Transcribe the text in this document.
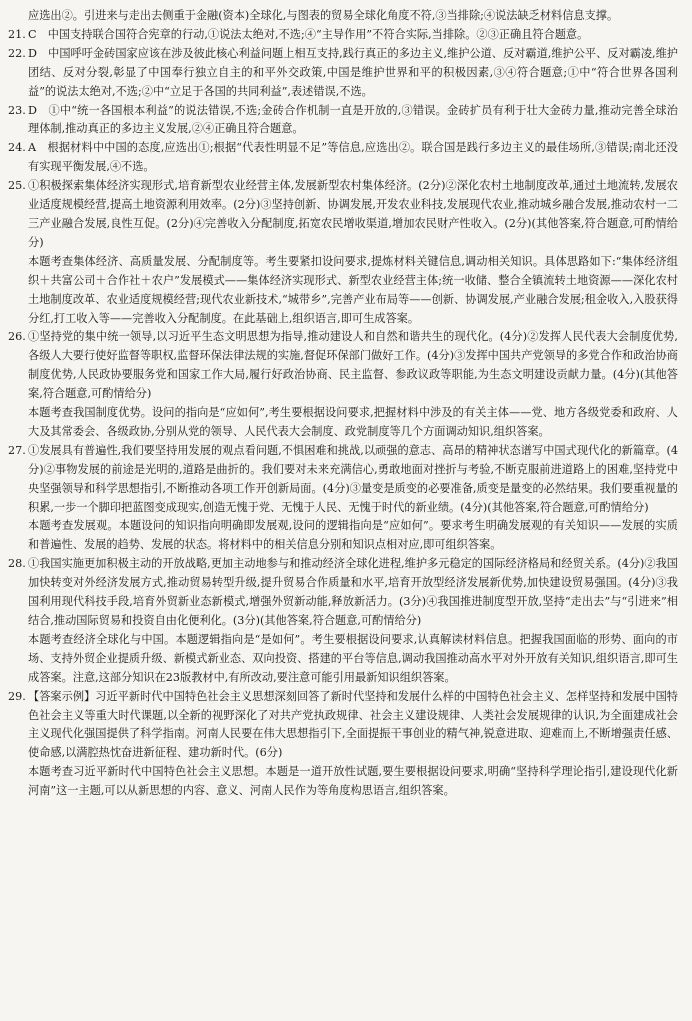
应选出②。引进来与走出去侧重于金融(资本)全球化,与图表的贸易全球化角度不符,③当排除;④说法缺乏材料信息支撑。

21. C　中国支持联合国符合宪章的行动,①说法太绝对,不选;④“主导作用”不符合实际,当排除。②③正确且符合题意。

22. D　中国呼吁金砖国家应该在涉及彼此核心利益问题上相互支持,践行真正的多边主义,维护公道、反对霸道,维护公平、反对霸凌,维护团结、反对分裂,彰显了中国奉行独立自主的和平外交政策,中国是维护世界和平的积极因素,③④符合题意;①中“符合世界各国利益”的说法太绝对,不选;②中“立足于各国的共同利益”,表述错误,不选。

23. D　①中“统一各国根本利益”的说法错误,不选;金砖合作机制一直是开放的,③错误。金砖扩员有利于壮大金砖力量,推动完善全球治理体制,推动真正的多边主义发展,②④正确且符合题意。

24. A　根据材料中中国的态度,应选出①;根据“代表性明显不足”等信息,应选出②。联合国是践行多边主义的最佳场所,③错误;南北还没有实现平衡发展,④不选。

25. ①积极探索集体经济实现形式,培育新型农业经营主体,发展新型农村集体经济。(2分)②深化农村土地制度改革,通过土地流转,发展农业适度规模经营,提高土地资源利用效率。(2分)③坚持创新、协调发展,开发农业科技,发展现代农业,推动城乡融合发展,推动农村一二三产业融合发展,良性互促。(2分)④完善收入分配制度,拓宽农民增收渠道,增加农民财产性收入。(2分)(其他答案,符合题意,可酌情给分)

本题考查集体经济、高质量发展、分配制度等。考生要紧扣设问要求,提炼材料关键信息,调动相关知识。具体思路如下:“集体经济组织＋共富公司＋合作社＋农户”发展模式——集体经济实现形式、新型农业经营主体;统一收储、整合全镇流转土地资源——深化农村土地制度改革、农业适度规模经营;现代农业新技术,“城带乡”,完善产业布局等——创新、协调发展,产业融合发展;租金收入,入股获得分红,打工收入等——完善收入分配制度。在此基础上,组织语言,即可生成答案。

26. ①坚持党的集中统一领导,以习近平生态文明思想为指导,推动建设人和自然和谐共生的现代化。(4分)②发挥人民代表大会制度优势,各级人大要行使好监督等职权,监督环保法律法规的实施,督促环保部门做好工作。(4分)③发挥中国共产党领导的多党合作和政治协商制度优势,人民政协要服务党和国家工作大局,履行好政治协商、民主监督、参政议政等职能,为生态文明建设贡献力量。(4分)(其他答案,符合题意,可酌情给分)

本题考查我国制度优势。设问的指向是“应如何”,考生要根据设问要求,把握材料中涉及的有关主体——党、地方各级党委和政府、人大及其常委会、各级政协,分别从党的领导、人民代表大会制度、政党制度等几个方面调动知识,组织答案。

27. ①发展具有普遍性,我们要坚持用发展的观点看问题,不惧困难和挑战,以顽强的意志、高昂的精神状态谱写中国式现代化的新篇章。(4分)②事物发展的前途是光明的,道路是曲折的。我们要对未来充满信心,勇敢地面对挫折与考验,不断克服前进道路上的困难,坚持党中央坚强领导和科学思想指引,不断推动各项工作开创新局面。(4分)③量变是质变的必要准备,质变是量变的必然结果。我们要重视量的积累,一步一个脚印把蓝图变成现实,创造无愧于党、无愧于人民、无愧于时代的新业绩。(4分)(其他答案,符合题意,可酌情给分)

本题考查发展观。本题设问的知识指向明确即发展观,设问的逻辑指向是“应如何”。要求考生明确发展观的有关知识——发展的实质和普遍性、发展的趋势、发展的状态。将材料中的相关信息分别和知识点相对应,即可组织答案。

28. ①我国实施更加积极主动的开放战略,更加主动地参与和推动经济全球化进程,维护多元稳定的国际经济格局和经贸关系。(4分)②我国加快转变对外经济发展方式,推动贸易转型升级,提升贸易合作质量和水平,培育开放型经济发展新优势,加快建设贸易强国。(4分)③我国利用现代科技手段,培育外贸新业态新模式,增强外贸新动能,释放新活力。(3分)④我国推进制度型开放,坚持“走出去”与“引进来”相结合,推动国际贸易和投资自由化便利化。(3分)(其他答案,符合题意,可酌情给分)

本题考查经济全球化与中国。本题逻辑指向是“是如何”。考生要根据设问要求,认真解读材料信息。把握我国面临的形势、面向的市场、支持外贸企业提质升级、新模式新业态、双向投资、搭建的平台等信息,调动我国推动高水平对外开放有关知识,组织语言,即可生成答案。注意,这部分知识在23版教材中,有所改动,要注意可能引用最新知识组织答案。

29. 【答案示例】习近平新时代中国特色社会主义思想深刻回答了新时代坚持和发展什么样的中国特色社会主义、怎样坚持和发展中国特色社会主义等重大时代课题,以全新的视野深化了对共产党执政规律、社会主义建设规律、人类社会发展规律的认识,为全面建成社会主义现代化强国提供了科学指南。河南人民要在伟大思想指引下,全面提振干事创业的精气神,锐意进取、迎难而上,不断增强责任感、使命感,以满腔热忱奋进新征程、建功新时代。(6分)

本题考查习近平新时代中国特色社会主义思想。本题是一道开放性试题,要生要根据设问要求,明确“坚持科学理论指引,建设现代化新河南”这一主题,可以从新思想的内容、意义、河南人民作为等角度构思语言,组织答案。
